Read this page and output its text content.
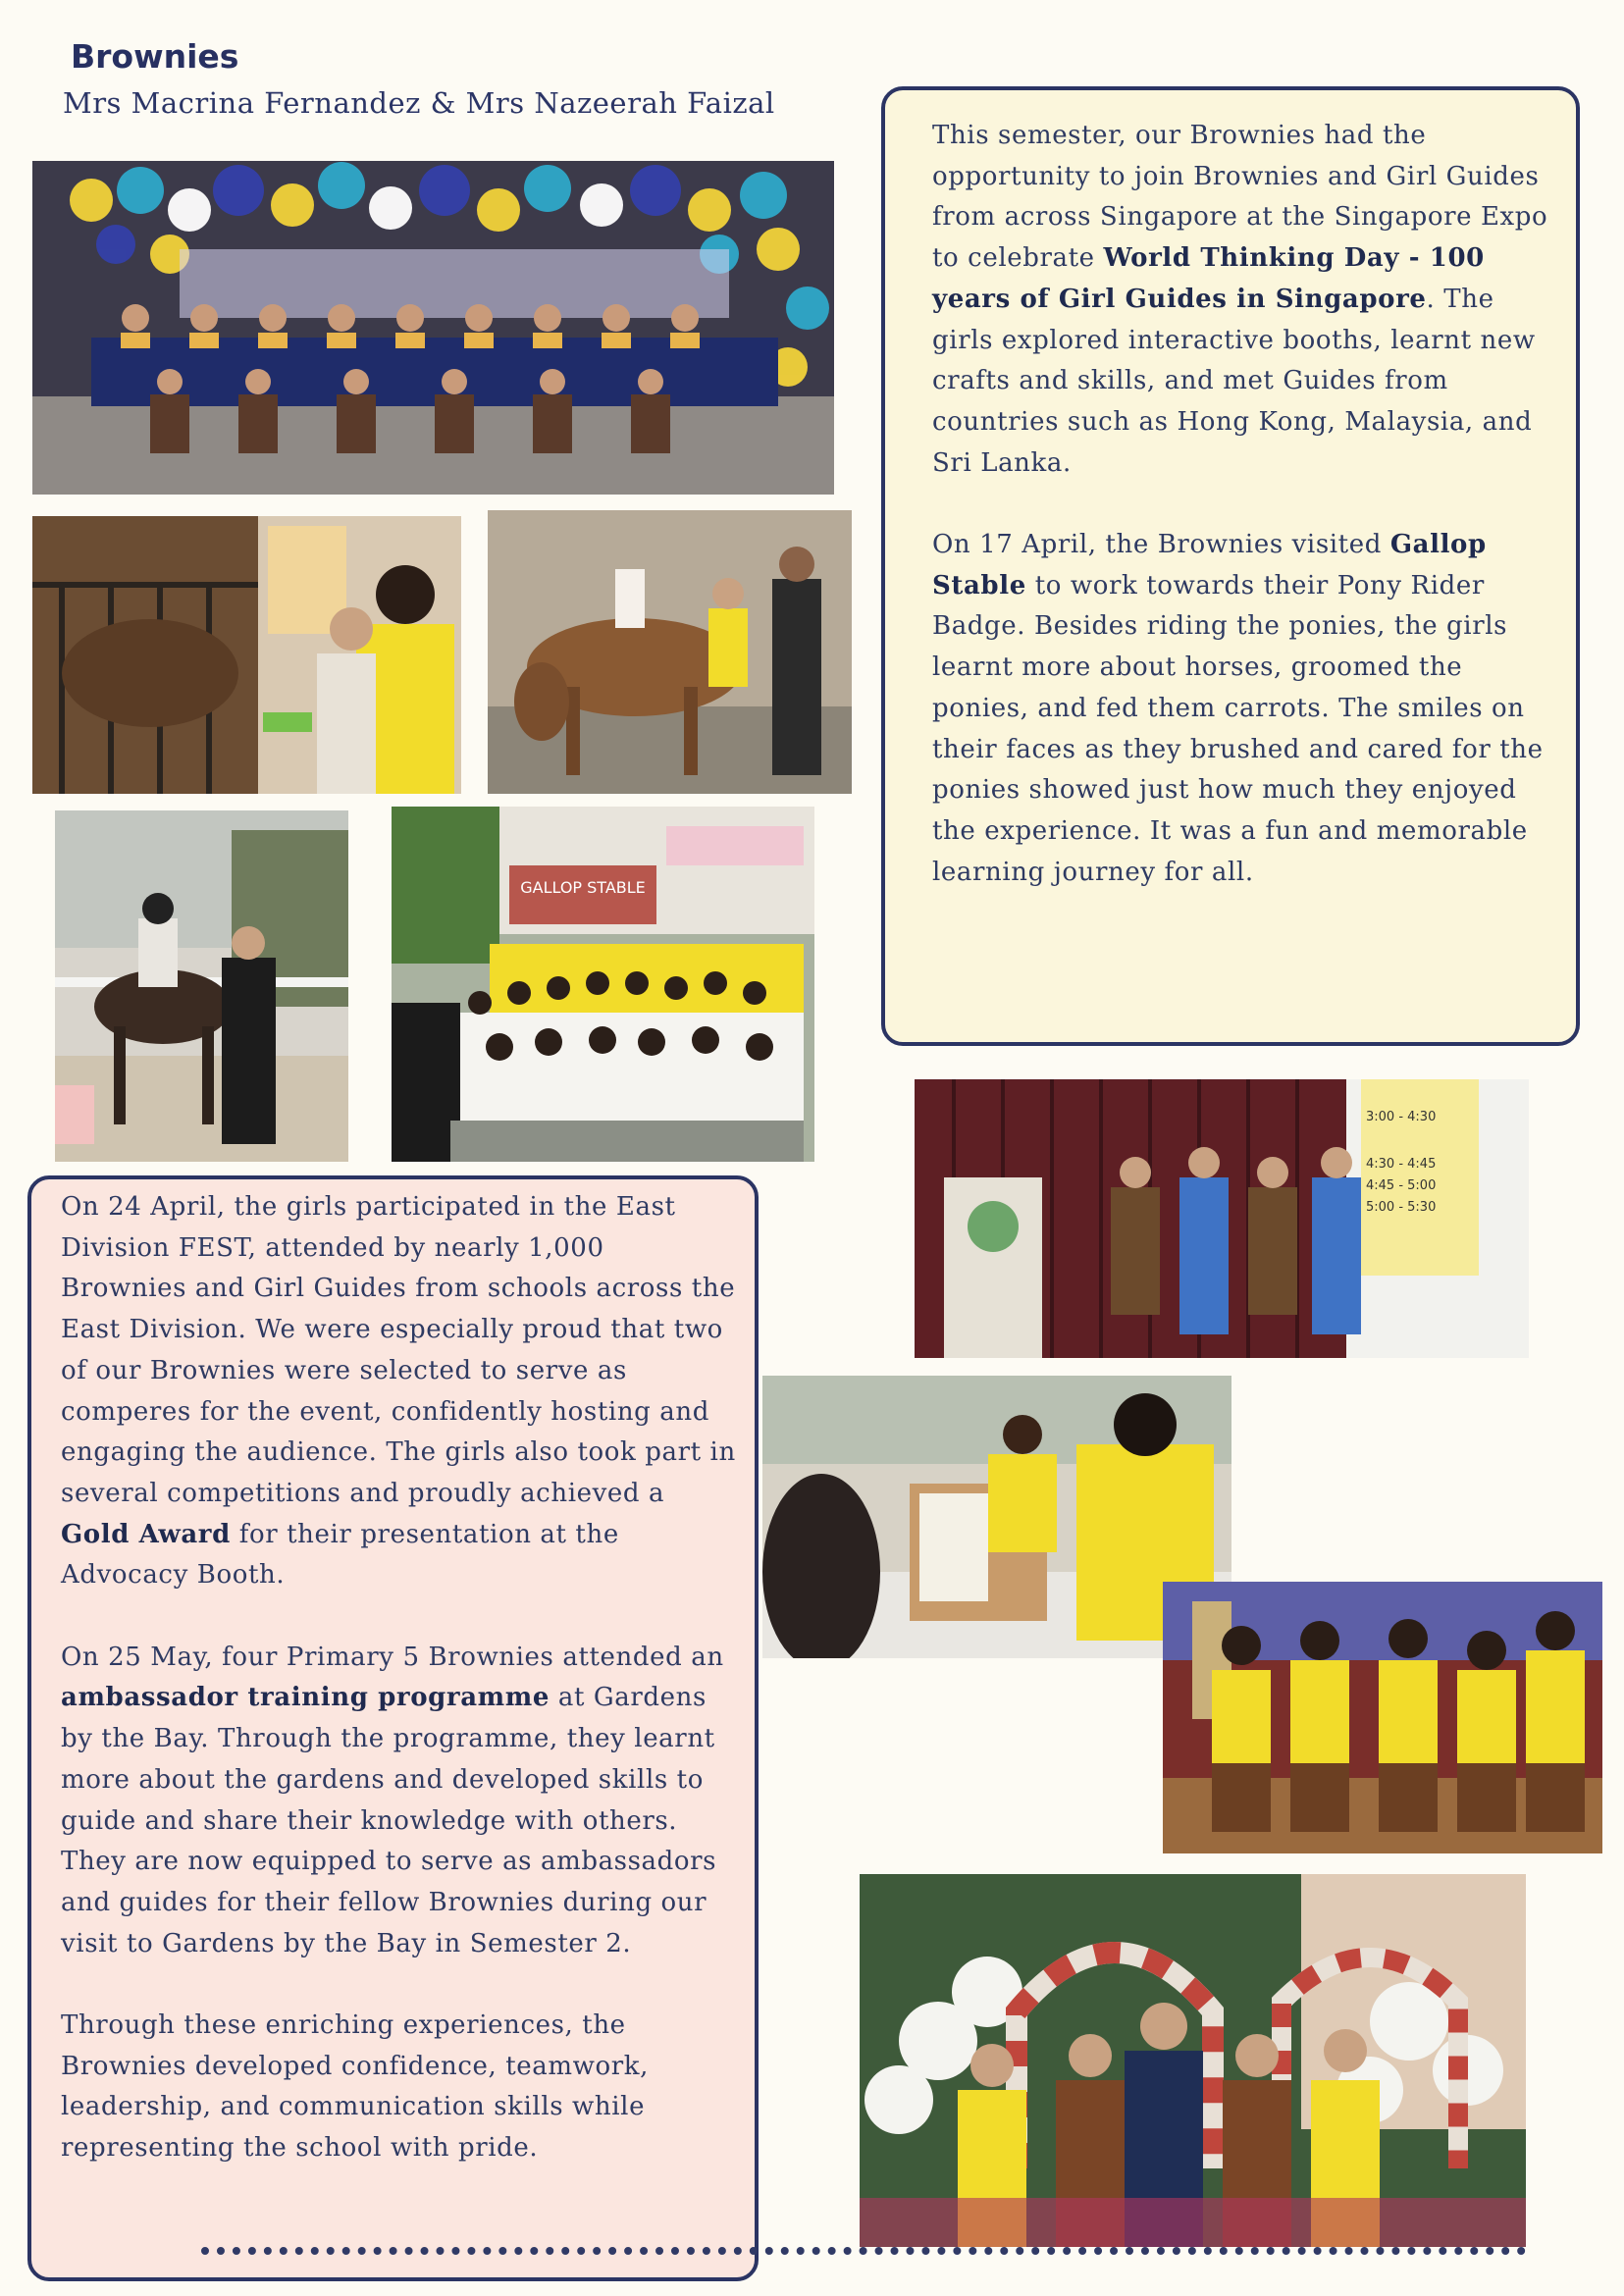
Brownies
Mrs Macrina Fernandez & Mrs Nazeerah Faizal
GALLOP STABLE
3:00 - 4:30
4:30 - 4:45
4:45 - 5:00
5:00 - 5:30

This semester, our Brownies had the opportunity to join Brownies and Girl Guides from across Singapore at the Singapore Expo to celebrate World Thinking Day - 100 years of Girl Guides in Singapore. The girls explored interactive booths, learnt new crafts and skills, and met Guides from countries such as Hong Kong, Malaysia, and Sri Lanka.

On 17 April, the Brownies visited Gallop Stable to work towards their Pony Rider Badge. Besides riding the ponies, the girls learnt more about horses, groomed the ponies, and fed them carrots. The smiles on their faces as they brushed and cared for the ponies showed just how much they enjoyed the experience. It was a fun and memorable learning journey for all.

On 24 April, the girls participated in the East Division FEST, attended by nearly 1,000 Brownies and Girl Guides from schools across the East Division. We were especially proud that two of our Brownies were selected to serve as comperes for the event, confidently hosting and engaging the audience. The girls also took part in several competitions and proudly achieved a Gold Award for their presentation at the Advocacy Booth.

On 25 May, four Primary 5 Brownies attended an ambassador training programme at Gardens by the Bay. Through the programme, they learnt more about the gardens and developed skills to guide and share their knowledge with others. They are now equipped to serve as ambassadors and guides for their fellow Brownies during our visit to Gardens by the Bay in Semester 2.

Through these enriching experiences, the Brownies developed confidence, teamwork, leadership, and communication skills while representing the school with pride.
